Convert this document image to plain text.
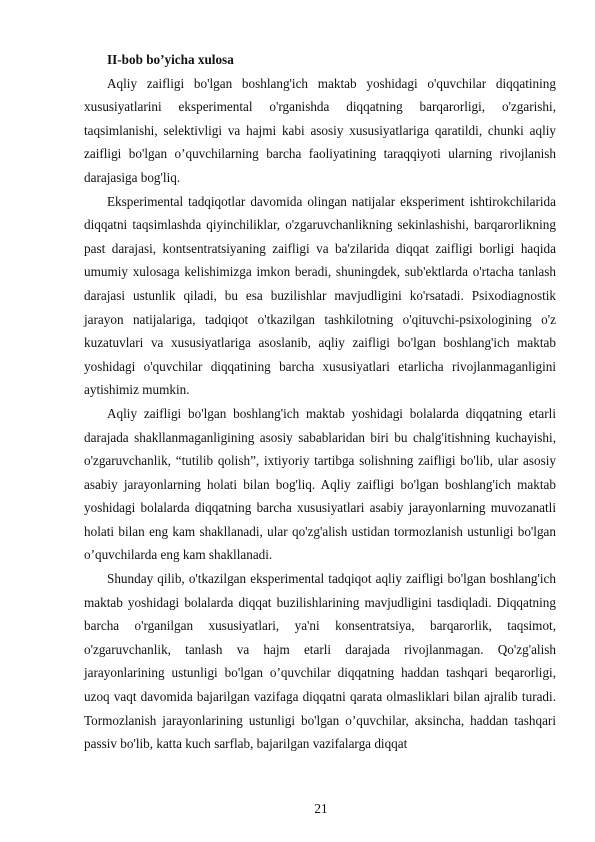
II-bob bo’yicha xulosa

Aqliy zaifligi bo'lgan boshlang'ich maktab yoshidagi o'quvchilar diqqatining xususiyatlarini eksperimental o'rganishda diqqatning barqarorligi, o'zgarishi, taqsimlanishi, selektivligi va hajmi kabi asosiy xususiyatlariga qaratildi, chunki aqliy zaifligi bo'lgan o’quvchilarning barcha faoliyatining taraqqiyoti ularning rivojlanish darajasiga bog'liq.

Eksperimental tadqiqotlar davomida olingan natijalar eksperiment ishtirokchilarida diqqatni taqsimlashda qiyinchiliklar, o'zgaruvchanlikning sekinlashishi, barqarorlikning past darajasi, kontsentratsiyaning zaifligi va ba'zilarida diqqat zaifligi borligi haqida umumiy xulosaga kelishimizga imkon beradi, shuningdek, sub'ektlarda o'rtacha tanlash darajasi ustunlik qiladi, bu esa buzilishlar mavjudligini ko'rsatadi. Psixodiagnostik jarayon natijalariga, tadqiqot o'tkazilgan tashkilotning o'qituvchi-psixologining o'z kuzatuvlari va xususiyatlariga asoslanib, aqliy zaifligi bo'lgan boshlang'ich maktab yoshidagi o'quvchilar diqqatining barcha xususiyatlari etarlicha rivojlanmaganligini aytishimiz mumkin.

Aqliy zaifligi bo'lgan boshlang'ich maktab yoshidagi bolalarda diqqatning etarli darajada shakllanmaganligining asosiy sabablaridan biri bu chalg'itishning kuchayishi, o'zgaruvchanlik, “tutilib qolish”, ixtiyoriy tartibga solishning zaifligi bo'lib, ular asosiy asabiy jarayonlarning holati bilan bog'liq. Aqliy zaifligi bo'lgan boshlang'ich maktab yoshidagi bolalarda diqqatning barcha xususiyatlari asabiy jarayonlarning muvozanatli holati bilan eng kam shakllanadi, ular qo'zg'alish ustidan tormozlanish ustunligi bo'lgan o’quvchilarda eng kam shakllanadi.

Shunday qilib, o'tkazilgan eksperimental tadqiqot aqliy zaifligi bo'lgan boshlang'ich maktab yoshidagi bolalarda diqqat buzilishlarining mavjudligini tasdiqladi. Diqqatning barcha o'rganilgan xususiyatlari, ya'ni konsentratsiya, barqarorlik, taqsimot, o'zgaruvchanlik, tanlash va hajm etarli darajada rivojlanmagan. Qo'zg'alish jarayonlarining ustunligi bo'lgan o’quvchilar diqqatning haddan tashqari beqarorligi, uzoq vaqt davomida bajarilgan vazifaga diqqatni qarata olmasliklari bilan ajralib turadi. Tormozlanish jarayonlarining ustunligi bo'lgan o’quvchilar, aksincha, haddan tashqari passiv bo'lib, katta kuch sarflab, bajarilgan vazifalarga diqqat

21
